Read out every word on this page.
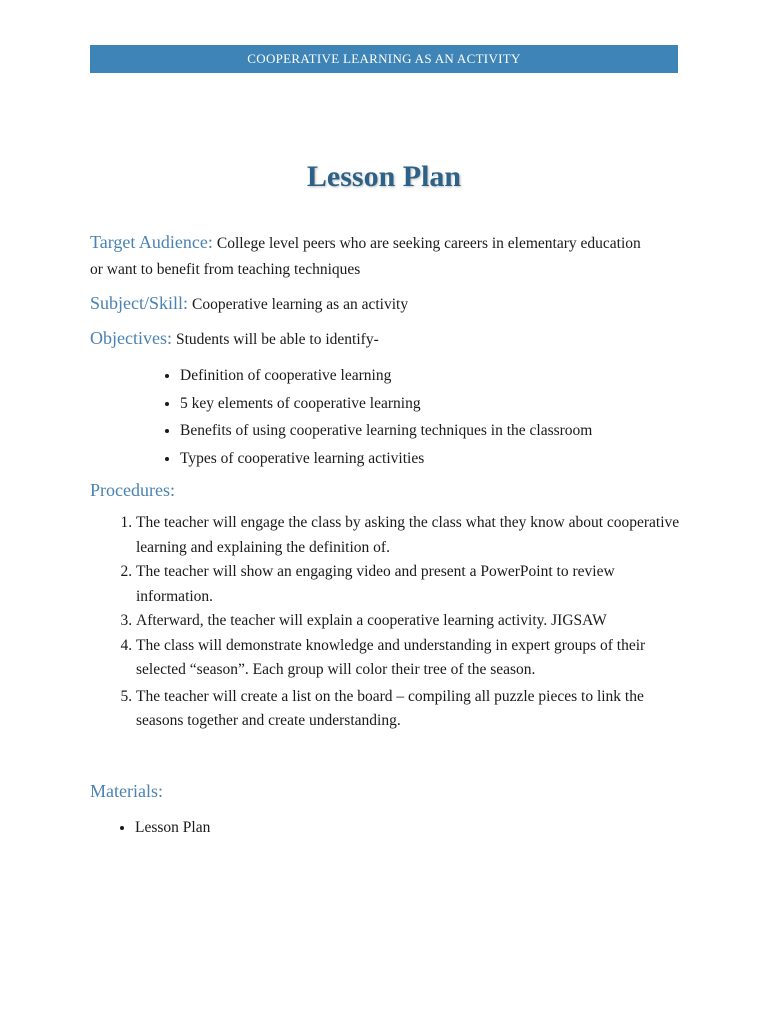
COOPERATIVE LEARNING AS AN ACTIVITY
Lesson Plan
Target Audience: College level peers who are seeking careers in elementary education or want to benefit from teaching techniques
Subject/Skill: Cooperative learning as an activity
Objectives: Students will be able to identify-
• Definition of cooperative learning
• 5 key elements of cooperative learning
• Benefits of using cooperative learning techniques in the classroom
• Types of cooperative learning activities
Procedures:
1. The teacher will engage the class by asking the class what they know about cooperative learning and explaining the definition of.
2. The teacher will show an engaging video and present a PowerPoint to review information.
3. Afterward, the teacher will explain a cooperative learning activity. JIGSAW
4. The class will demonstrate knowledge and understanding in expert groups of their selected “season”. Each group will color their tree of the season.
5. The teacher will create a list on the board – compiling all puzzle pieces to link the seasons together and create understanding.
Materials:
• Lesson Plan
